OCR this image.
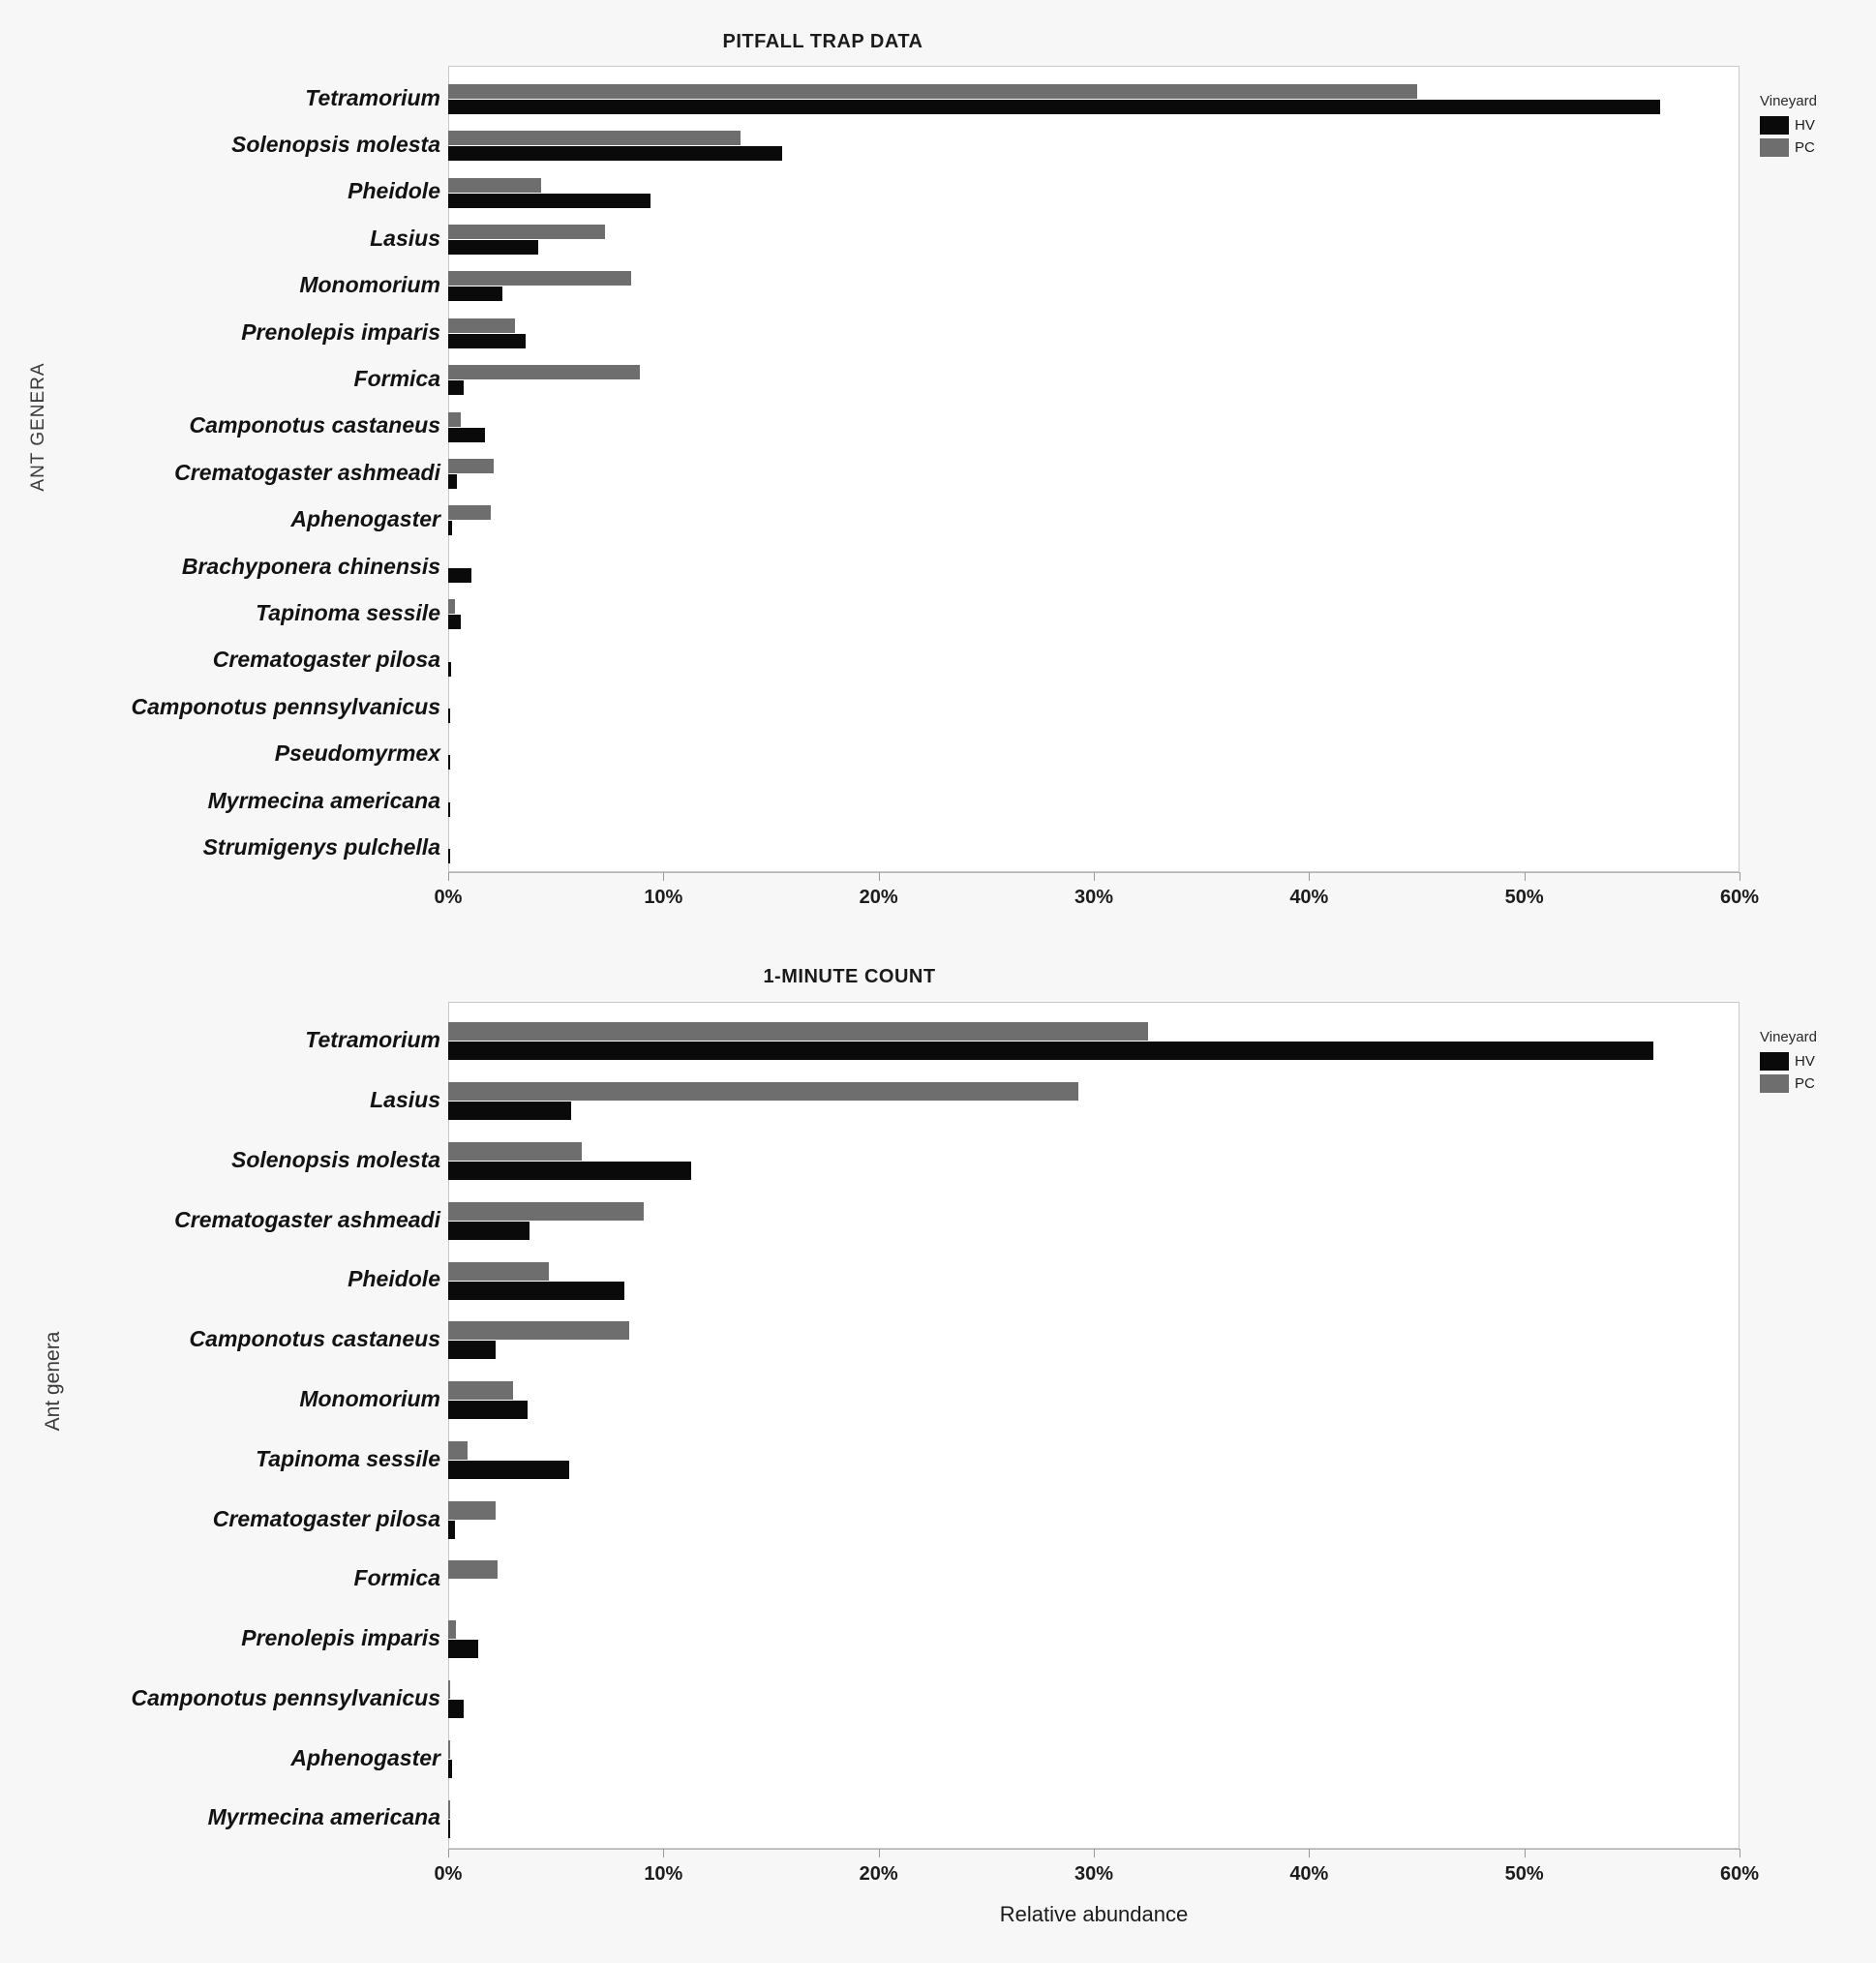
PITFALL TRAP DATA
ANT GENERA
Tetramorium
Solenopsis molesta
Pheidole
Lasius
Monomorium
Prenolepis imparis
Formica
Camponotus castaneus
Crematogaster ashmeadi
Aphenogaster
Brachyponera chinensis
Tapinoma sessile
Crematogaster pilosa
Camponotus pennsylvanicus
Pseudomyrmex
Myrmecina americana
Strumigenys pulchella
0%	10%	20%	30%	40%	50%	60%
Vineyard
HV
PC
1-MINUTE COUNT
Ant genera
Tetramorium
Lasius
Solenopsis molesta
Crematogaster ashmeadi
Pheidole
Camponotus castaneus
Monomorium
Tapinoma sessile
Crematogaster pilosa
Formica
Prenolepis imparis
Camponotus pennsylvanicus
Aphenogaster
Myrmecina americana
0%	10%	20%	30%	40%	50%	60%
Vineyard
HV
PC
Relative abundance
